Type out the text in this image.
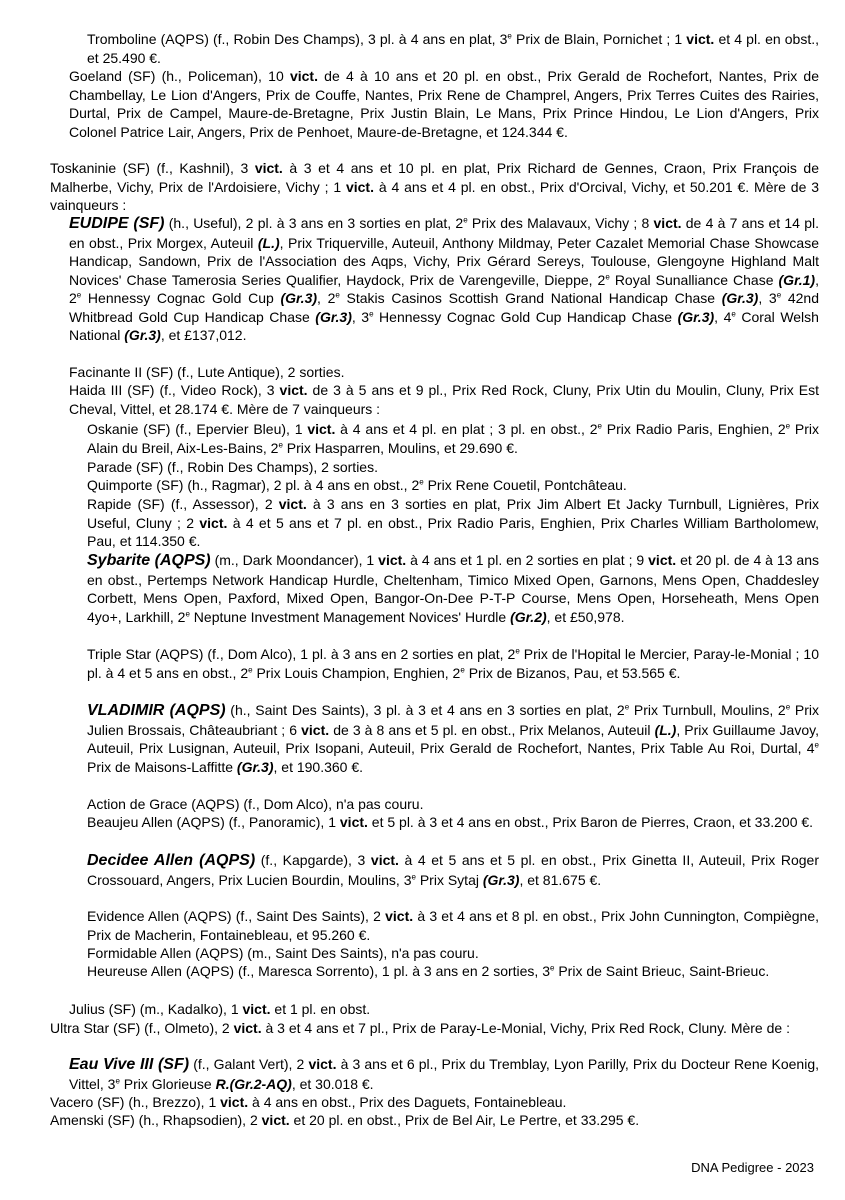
Tromboline (AQPS) (f., Robin Des Champs), 3 pl. à 4 ans en plat, 3e Prix de Blain, Pornichet ; 1 vict. et 4 pl. en obst., et 25.490 €.

Goeland (SF) (h., Policeman), 10 vict. de 4 à 10 ans et 20 pl. en obst., Prix Gerald de Rochefort, Nantes, Prix de Chambellay, Le Lion d'Angers, Prix de Couffe, Nantes, Prix Rene de Champrel, Angers, Prix Terres Cuites des Rairies, Durtal, Prix de Campel, Maure-de-Bretagne, Prix Justin Blain, Le Mans, Prix Prince Hindou, Le Lion d'Angers, Prix Colonel Patrice Lair, Angers, Prix de Penhoet, Maure-de-Bretagne, et 124.344 €.

Toskaninie (SF) (f., Kashnil), 3 vict. à 3 et 4 ans et 10 pl. en plat, Prix Richard de Gennes, Craon, Prix François de Malherbe, Vichy, Prix de l'Ardoisiere, Vichy ; 1 vict. à 4 ans et 4 pl. en obst., Prix d'Orcival, Vichy, et 50.201 €. Mère de 3 vainqueurs :

EUDIPE (SF) (h., Useful), 2 pl. à 3 ans en 3 sorties en plat, 2e Prix des Malavaux, Vichy ; 8 vict. de 4 à 7 ans et 14 pl. en obst., Prix Morgex, Auteuil (L.), Prix Triquerville, Auteuil, Anthony Mildmay, Peter Cazalet Memorial Chase Showcase Handicap, Sandown, Prix de l'Association des Aqps, Vichy, Prix Gérard Sereys, Toulouse, Glengoyne Highland Malt Novices' Chase Tamerosia Series Qualifier, Haydock, Prix de Varengeville, Dieppe, 2e Royal Sunalliance Chase (Gr.1), 2e Hennessy Cognac Gold Cup (Gr.3), 2e Stakis Casinos Scottish Grand National Handicap Chase (Gr.3), 3e 42nd Whitbread Gold Cup Handicap Chase (Gr.3), 3e Hennessy Cognac Gold Cup Handicap Chase (Gr.3), 4e Coral Welsh National (Gr.3), et £137,012.

Facinante II (SF) (f., Lute Antique), 2 sorties.

Haida III (SF) (f., Video Rock), 3 vict. de 3 à 5 ans et 9 pl., Prix Red Rock, Cluny, Prix Utin du Moulin, Cluny, Prix Est Cheval, Vittel, et 28.174 €. Mère de 7 vainqueurs :

Oskanie (SF) (f., Epervier Bleu), 1 vict. à 4 ans et 4 pl. en plat ; 3 pl. en obst., 2e Prix Radio Paris, Enghien, 2e Prix Alain du Breil, Aix-Les-Bains, 2e Prix Hasparren, Moulins, et 29.690 €.

Parade (SF) (f., Robin Des Champs), 2 sorties.

Quimporte (SF) (h., Ragmar), 2 pl. à 4 ans en obst., 2e Prix Rene Couetil, Pontchâteau.

Rapide (SF) (f., Assessor), 2 vict. à 3 ans en 3 sorties en plat, Prix Jim Albert Et Jacky Turnbull, Lignières, Prix Useful, Cluny ; 2 vict. à 4 et 5 ans et 7 pl. en obst., Prix Radio Paris, Enghien, Prix Charles William Bartholomew, Pau, et 114.350 €.

Sybarite (AQPS) (m., Dark Moondancer), 1 vict. à 4 ans et 1 pl. en 2 sorties en plat ; 9 vict. et 20 pl. de 4 à 13 ans en obst., Pertemps Network Handicap Hurdle, Cheltenham, Timico Mixed Open, Garnons, Mens Open, Chaddesley Corbett, Mens Open, Paxford, Mixed Open, Bangor-On-Dee P-T-P Course, Mens Open, Horseheath, Mens Open 4yo+, Larkhill, 2e Neptune Investment Management Novices' Hurdle (Gr.2), et £50,978.

Triple Star (AQPS) (f., Dom Alco), 1 pl. à 3 ans en 2 sorties en plat, 2e Prix de l'Hopital le Mercier, Paray-le-Monial ; 10 pl. à 4 et 5 ans en obst., 2e Prix Louis Champion, Enghien, 2e Prix de Bizanos, Pau, et 53.565 €.

VLADIMIR (AQPS) (h., Saint Des Saints), 3 pl. à 3 et 4 ans en 3 sorties en plat, 2e Prix Turnbull, Moulins, 2e Prix Julien Brossais, Châteaubriant ; 6 vict. de 3 à 8 ans et 5 pl. en obst., Prix Melanos, Auteuil (L.), Prix Guillaume Javoy, Auteuil, Prix Lusignan, Auteuil, Prix Isopani, Auteuil, Prix Gerald de Rochefort, Nantes, Prix Table Au Roi, Durtal, 4e Prix de Maisons-Laffitte (Gr.3), et 190.360 €.

Action de Grace (AQPS) (f., Dom Alco), n'a pas couru.

Beaujeu Allen (AQPS) (f., Panoramic), 1 vict. et 5 pl. à 3 et 4 ans en obst., Prix Baron de Pierres, Craon, et 33.200 €.

Decidee Allen (AQPS) (f., Kapgarde), 3 vict. à 4 et 5 ans et 5 pl. en obst., Prix Ginetta II, Auteuil, Prix Roger Crossouard, Angers, Prix Lucien Bourdin, Moulins, 3e Prix Sytaj (Gr.3), et 81.675 €.

Evidence Allen (AQPS) (f., Saint Des Saints), 2 vict. à 3 et 4 ans et 8 pl. en obst., Prix John Cunnington, Compiègne, Prix de Macherin, Fontainebleau, et 95.260 €.

Formidable Allen (AQPS) (m., Saint Des Saints), n'a pas couru.

Heureuse Allen (AQPS) (f., Maresca Sorrento), 1 pl. à 3 ans en 2 sorties, 3e Prix de Saint Brieuc, Saint-Brieuc.

Julius (SF) (m., Kadalko), 1 vict. et 1 pl. en obst.

Ultra Star (SF) (f., Olmeto), 2 vict. à 3 et 4 ans et 7 pl., Prix de Paray-Le-Monial, Vichy, Prix Red Rock, Cluny. Mère de :

Eau Vive III (SF) (f., Galant Vert), 2 vict. à 3 ans et 6 pl., Prix du Tremblay, Lyon Parilly, Prix du Docteur Rene Koenig, Vittel, 3e Prix Glorieuse R.(Gr.2-AQ), et 30.018 €.

Vacero (SF) (h., Brezzo), 1 vict. à 4 ans en obst., Prix des Daguets, Fontainebleau.

Amenski (SF) (h., Rhapsodien), 2 vict. et 20 pl. en obst., Prix de Bel Air, Le Pertre, et 33.295 €.

DNA Pedigree - 2023
